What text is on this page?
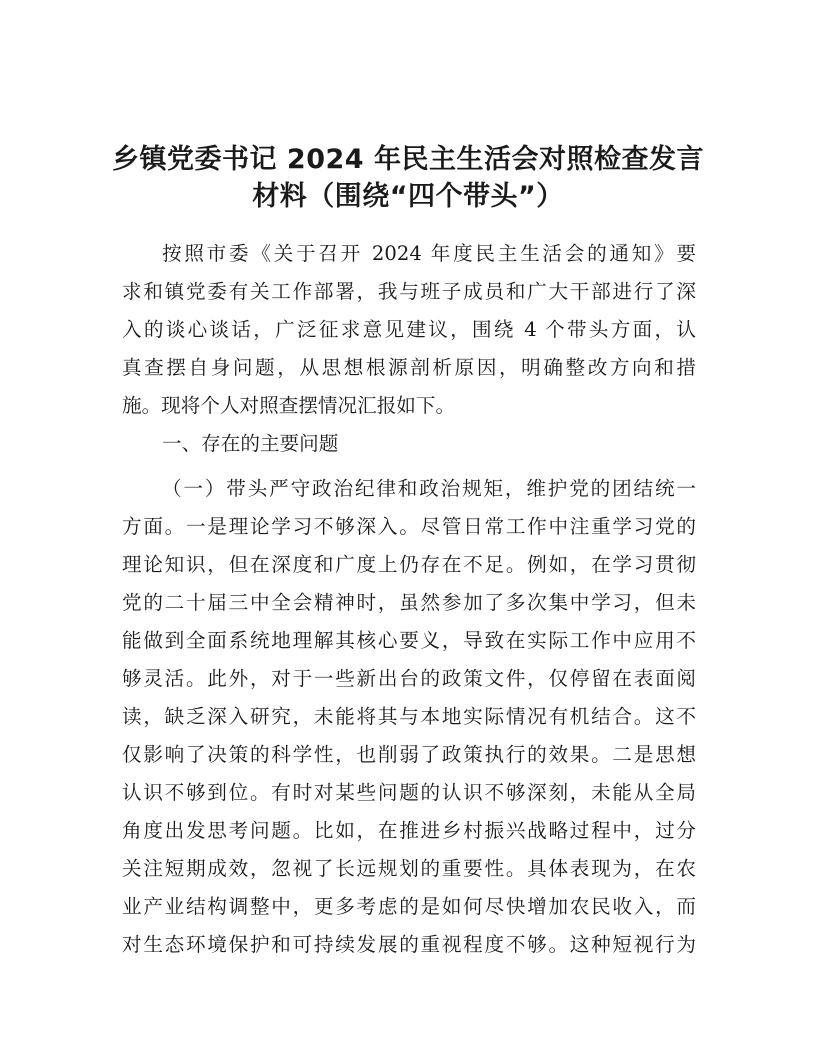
乡镇党委书记 2024 年民主生活会对照检查发言
材料（围绕“四个带头”）

按照市委《关于召开 2024 年度民主生活会的通知》要

求和镇党委有关工作部署，我与班子成员和广大干部进行了深

入的谈心谈话，广泛征求意见建议，围绕 4 个带头方面，认

真查摆自身问题，从思想根源剖析原因，明确整改方向和措

施。现将个人对照查摆情况汇报如下。

一、存在的主要问题

（一）带头严守政治纪律和政治规矩，维护党的团结统一

方面。一是理论学习不够深入。尽管日常工作中注重学习党的

理论知识，但在深度和广度上仍存在不足。例如，在学习贯彻

党的二十届三中全会精神时，虽然参加了多次集中学习，但未

能做到全面系统地理解其核心要义，导致在实际工作中应用不

够灵活。此外，对于一些新出台的政策文件，仅停留在表面阅

读，缺乏深入研究，未能将其与本地实际情况有机结合。这不

仅影响了决策的科学性，也削弱了政策执行的效果。二是思想

认识不够到位。有时对某些问题的认识不够深刻，未能从全局

角度出发思考问题。比如，在推进乡村振兴战略过程中，过分

关注短期成效，忽视了长远规划的重要性。具体表现为，在农

业产业结构调整中，更多考虑的是如何尽快增加农民收入，而

对生态环境保护和可持续发展的重视程度不够。这种短视行为
